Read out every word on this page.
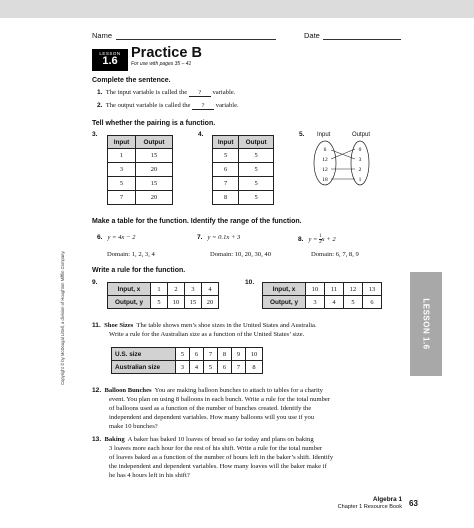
Name	Date
LESSON
1.6 Practice B
For use with pages 35 – 41
Complete the sentence.
1. The input variable is called the ? variable.
2. The output variable is called the ? variable.
Tell whether the pairing is a function.
3.
Input	Output
1	15
3	20
5	15
7	20
4.
Input	Output
5	5
6	5
7	5
8	5
5. Input	Output
6
12
12
18
0
3
2
1
Make a table for the function. Identify the range of the function.
6. y = 4x − 2
Domain: 1, 2, 3, 4
7. y = 0.1x + 3
Domain: 10, 20, 30, 40
8. $y = \frac{1}{2}$ x + 2
Domain: 6, 7, 8, 9
Write a rule for the function.
9.
Input, x	1	2	3	4
Output, y	5	10	15	20
10.
Input, x	10	11	12	13
Output, y	3	4	5	6
11. Shoe Sizes The table shows men’s shoe sizes in the United States and Australia.
Write a rule for the Australian size as a function of the United States’ size.
U.S. size	5	6	7	8	9	10
Australian size	3	4	5	6	7	8
12. Balloon Bunches You are making balloon bunches to attach to tables for a charity
event. You plan on using 8 balloons in each bunch. Write a rule for the total number
of balloons used as a function of the number of bunches created. Identify the
independent and dependent variables. How many balloons will you use if you
make 10 bunches?
13. Baking A baker has baked 10 loaves of bread so far today and plans on baking
3 loaves more each hour for the rest of his shift. Write a rule for the total number
of loaves baked as a function of the number of hours left in the baker’s shift. Identify
the independent and dependent variables. How many loaves will the baker make if
he has 4 hours left in his shift?
LESSON 1.6
Copyright © by McDougal Littell, a division of Houghton Mifflin Company.
Algebra 1
Chapter 1 Resource Book 63
